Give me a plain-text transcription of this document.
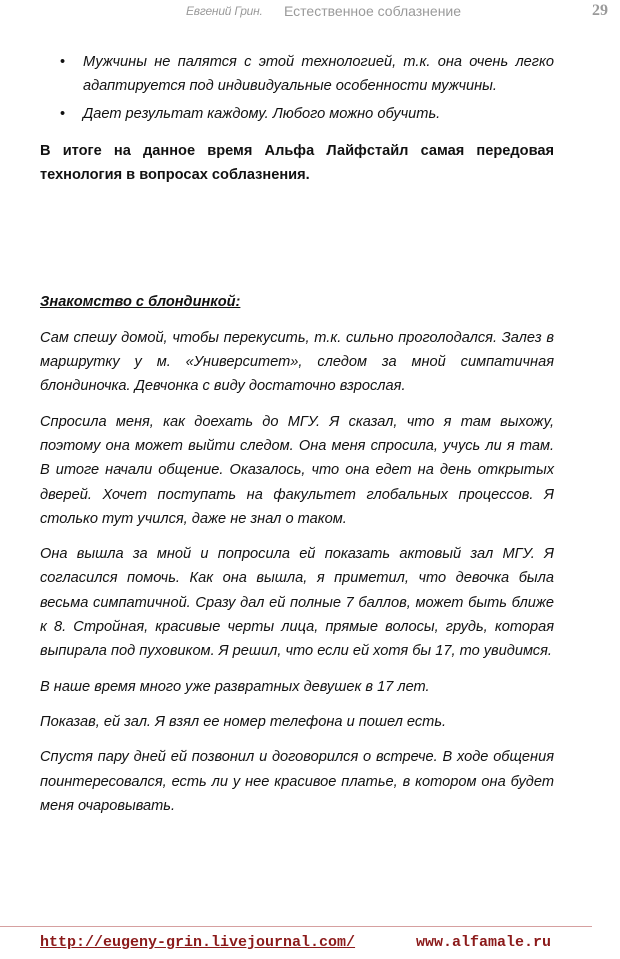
Евгений Грин. Естественное соблазнение	29
• Мужчины не палятся с этой технологией, т.к. она очень легко адаптируется под индивидуальные особенности мужчины.
• Дает результат каждому. Любого можно обучить.

В итоге на данное время Альфа Лайфстайл самая передовая технология в вопросах соблазнения.

Знакомство с блондинкой:

Сам спешу домой, чтобы перекусить, т.к. сильно проголодался. Залез в маршрутку у м. «Университет», следом за мной симпатичная блондиночка. Девчонка с виду достаточно взрослая.

Спросила меня, как доехать до МГУ. Я сказал, что я там выхожу, поэтому она может выйти следом. Она меня спросила, учусь ли я там. В итоге начали общение. Оказалось, что она едет на день открытых дверей. Хочет поступать на факультет глобальных процессов. Я столько тут учился, даже не знал о таком.

Она вышла за мной и попросила ей показать актовый зал МГУ. Я согласился помочь. Как она вышла, я приметил, что девочка была весьма симпатичной. Сразу дал ей полные 7 баллов, может быть ближе к 8. Стройная, красивые черты лица, прямые волосы, грудь, которая выпирала под пуховиком. Я решил, что если ей хотя бы 17, то увидимся.

В наше время много уже развратных девушек в 17 лет.

Показав, ей зал. Я взял ее номер телефона и пошел есть.

Спустя пару дней ей позвонил и договорился о встрече. В ходе общения поинтересовался, есть ли у нее красивое платье, в котором она будет меня очаровывать.

http://eugeny-grin.livejournal.com/	www.alfamale.ru
